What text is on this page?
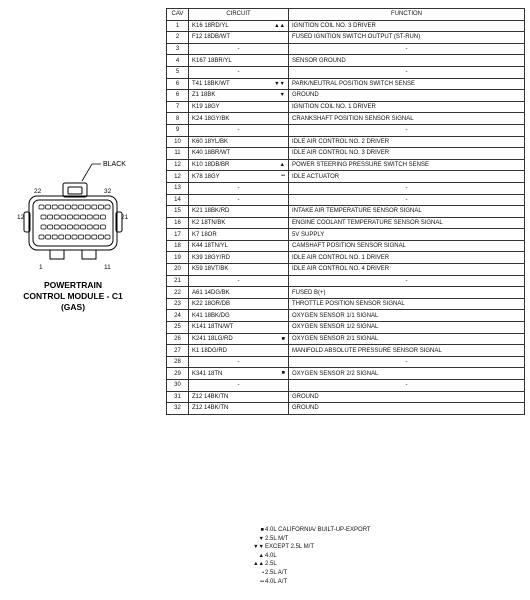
BLACK
22	32
12	21
1	11
POWERTRAIN
CONTROL MODULE - C1
(GAS)
CAV	CIRCUIT	FUNCTION
1	K16 18RD/YL ▲▲	IGNITION COIL NO. 3 DRIVER
2	F12 18DB/WT	FUSED IGNITION SWITCH OUTPUT (ST-RUN)
3	-	-
4	K167 18BR/YL	SENSOR GROUND
5	-	-
6	T41 18BK/WT ▼▼	PARK/NEUTRAL POSITION SWITCH SENSE
6	Z1 18BK ▼	GROUND
7	K19 18GY	IGNITION COIL NO. 1 DRIVER
8	K24 18GY/BK	CRANKSHAFT POSITION SENSOR SIGNAL
9	-	-
10	K60 18YL/BK	IDLE AIR CONTROL NO. 2 DRIVER
11	K40 18BR/WT	IDLE AIR CONTROL NO. 3 DRIVER
12	K10 18DB/BR ▲	POWER STEERING PRESSURE SWITCH SENSE
12	K78 18GY ••	IDLE ACTUATOR
13	-	-
14	-	-
15	K21 18BK/RD	INTAKE AIR TEMPERATURE SENSOR SIGNAL
16	K2 18TN/BK	ENGINE COOLANT TEMPERATURE SENSOR SIGNAL
17	K7 18OR	5V SUPPLY
18	K44 18TN/YL	CAMSHAFT POSITION SENSOR SIGNAL
19	K39 18GY/RD	IDLE AIR CONTROL NO. 1 DRIVER
20	K59 18VT/BK	IDLE AIR CONTROL NO. 4 DRIVER
21	-	-
22	A61 14DG/BK	FUSED B(+)
23	K22 18OR/DB	THROTTLE POSITION SENSOR SIGNAL
24	K41 18BK/DG	OXYGEN SENSOR 1/1 SIGNAL
25	K141 18TN/WT	OXYGEN SENSOR 1/2 SIGNAL
26	K241 18LG/RD ■	OXYGEN SENSOR 2/1 SIGNAL
27	K1 18DG/RD	MANIFOLD ABSOLUTE PRESSURE SENSOR SIGNAL
28	-	-
29	K341 18TN ■	OXYGEN SENSOR 2/2 SIGNAL
30	-	-
31	Z12 14BK/TN	GROUND
32	Z12 14BK/TN	GROUND
■4.0L CALIFORNIA/ BUILT-UP-EXPORT
▼2.5L M/T
▼▼EXCEPT 2.5L M/T
▲4.0L
▲▲2.5L
•2.5L A/T
••4.0L A/T
